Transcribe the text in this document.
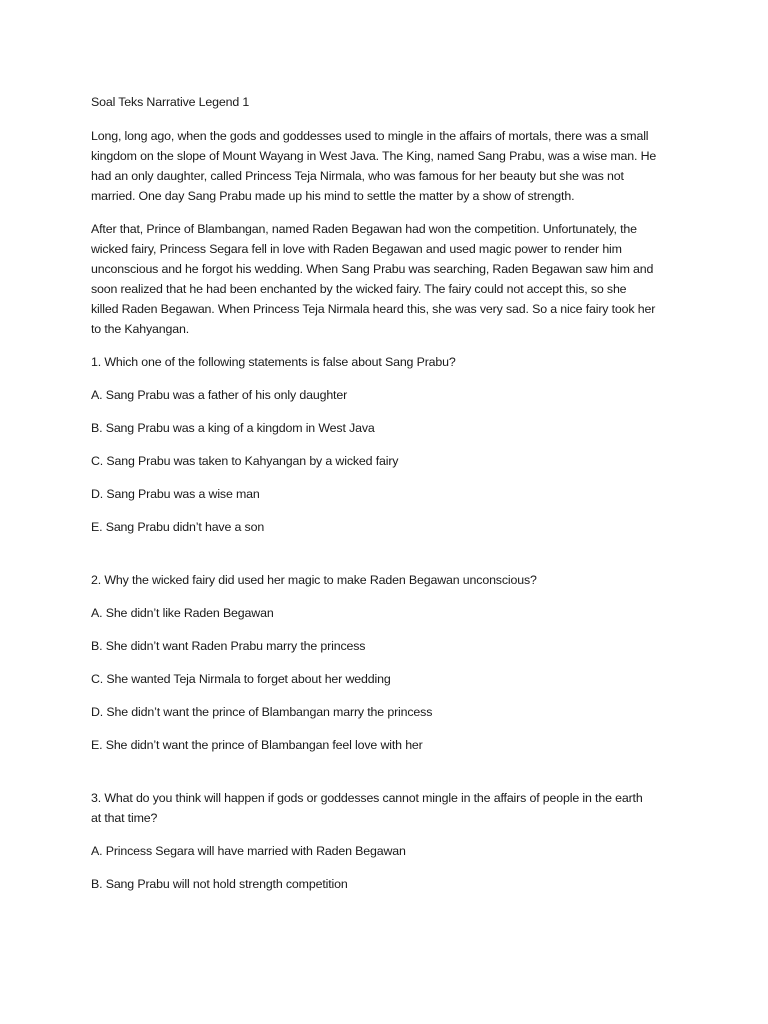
Soal Teks Narrative Legend 1
Long, long ago, when the gods and goddesses used to mingle in the affairs of mortals, there was a small
kingdom on the slope of Mount Wayang in West Java. The King, named Sang Prabu, was a wise man. He
had an only daughter, called Princess Teja Nirmala, who was famous for her beauty but she was not
married. One day Sang Prabu made up his mind to settle the matter by a show of strength.
After that, Prince of Blambangan, named Raden Begawan had won the competition. Unfortunately, the
wicked fairy, Princess Segara fell in love with Raden Begawan and used magic power to render him
unconscious and he forgot his wedding. When Sang Prabu was searching, Raden Begawan saw him and
soon realized that he had been enchanted by the wicked fairy. The fairy could not accept this, so she
killed Raden Begawan. When Princess Teja Nirmala heard this, she was very sad. So a nice fairy took her
to the Kahyangan.
1. Which one of the following statements is false about Sang Prabu?
A. Sang Prabu was a father of his only daughter
B. Sang Prabu was a king of a kingdom in West Java
C. Sang Prabu was taken to Kahyangan by a wicked fairy
D. Sang Prabu was a wise man
E. Sang Prabu didn’t have a son
2. Why the wicked fairy did used her magic to make Raden Begawan unconscious?
A. She didn’t like Raden Begawan
B. She didn’t want Raden Prabu marry the princess
C. She wanted Teja Nirmala to forget about her wedding
D. She didn’t want the prince of Blambangan marry the princess
E. She didn’t want the prince of Blambangan feel love with her
3. What do you think will happen if gods or goddesses cannot mingle in the affairs of people in the earth
at that time?
A. Princess Segara will have married with Raden Begawan
B. Sang Prabu will not hold strength competition
